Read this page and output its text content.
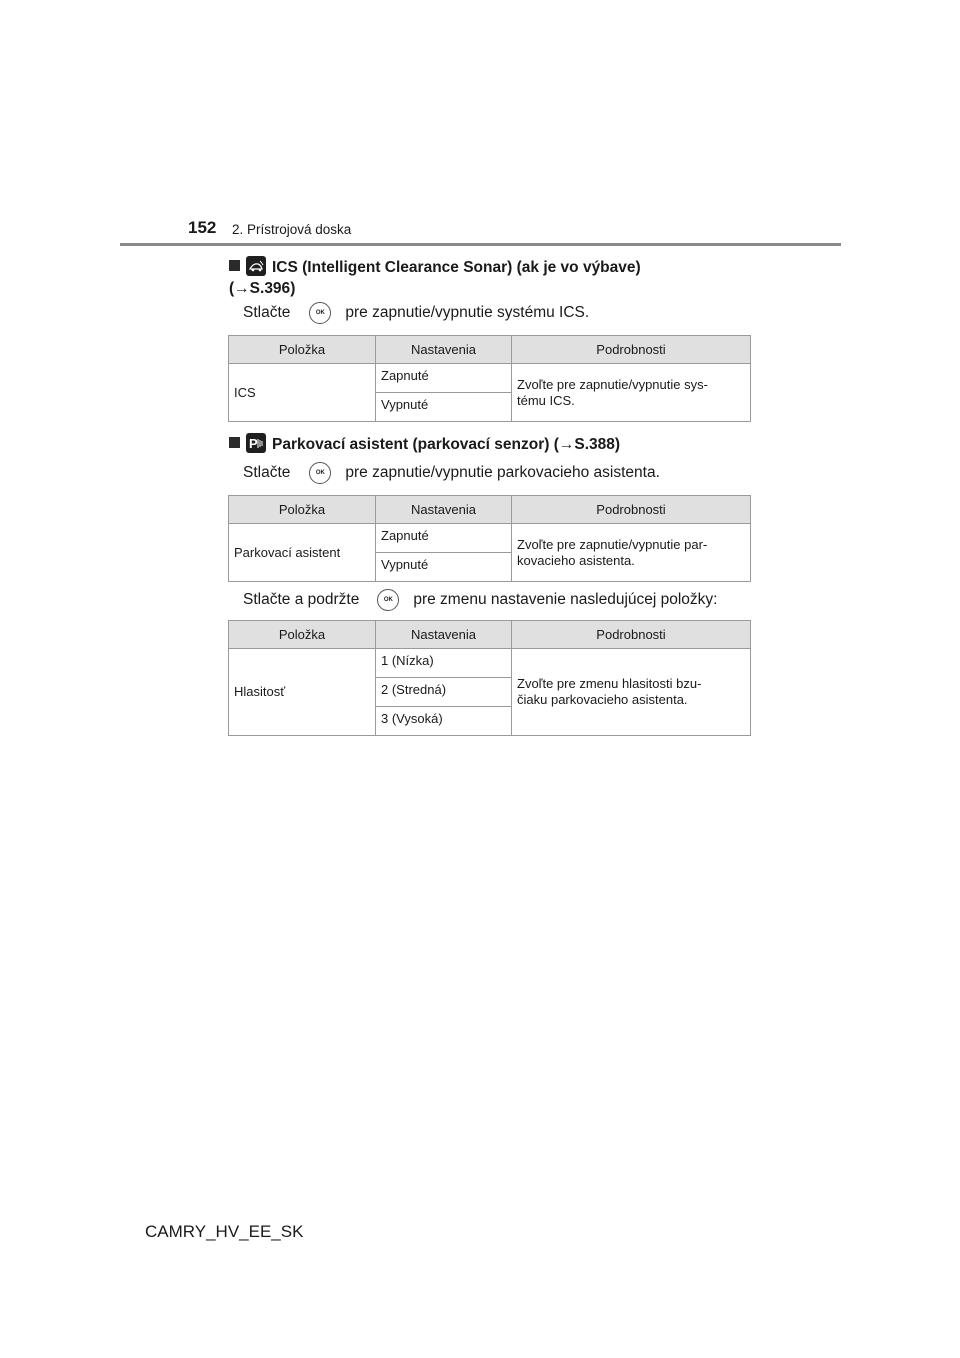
152 2. Prístrojová doska
ICS (Intelligent Clearance Sonar) (ak je vo výbave)
(→S.396)
Stlačte	OK pre zapnutie/vypnutie systému ICS.
Položka	Nastavenia	Podrobnosti
ICS	Zapnuté	Zvoľte pre zapnutie/vypnutie sys-
tému ICS.
	Vypnuté	
P Parkovací asistent (parkovací senzor) (→S.388)
Stlačte	OK pre zapnutie/vypnutie parkovacieho asistenta.
Položka	Nastavenia	Podrobnosti
Parkovací asistent	Zapnuté	Zvoľte pre zapnutie/vypnutie par-
kovacieho asistenta.
	Vypnuté	
Stlačte a podržte	OK pre zmenu nastavenie nasledujúcej položky:
Položka	Nastavenia	Podrobnosti
Hlasitosť	1 (Nízka)	Zvoľte pre zmenu hlasitosti bzu-
čiaku parkovacieho asistenta.
	2 (Stredná)	
	3 (Vysoká)	
CAMRY_HV_EE_SK
